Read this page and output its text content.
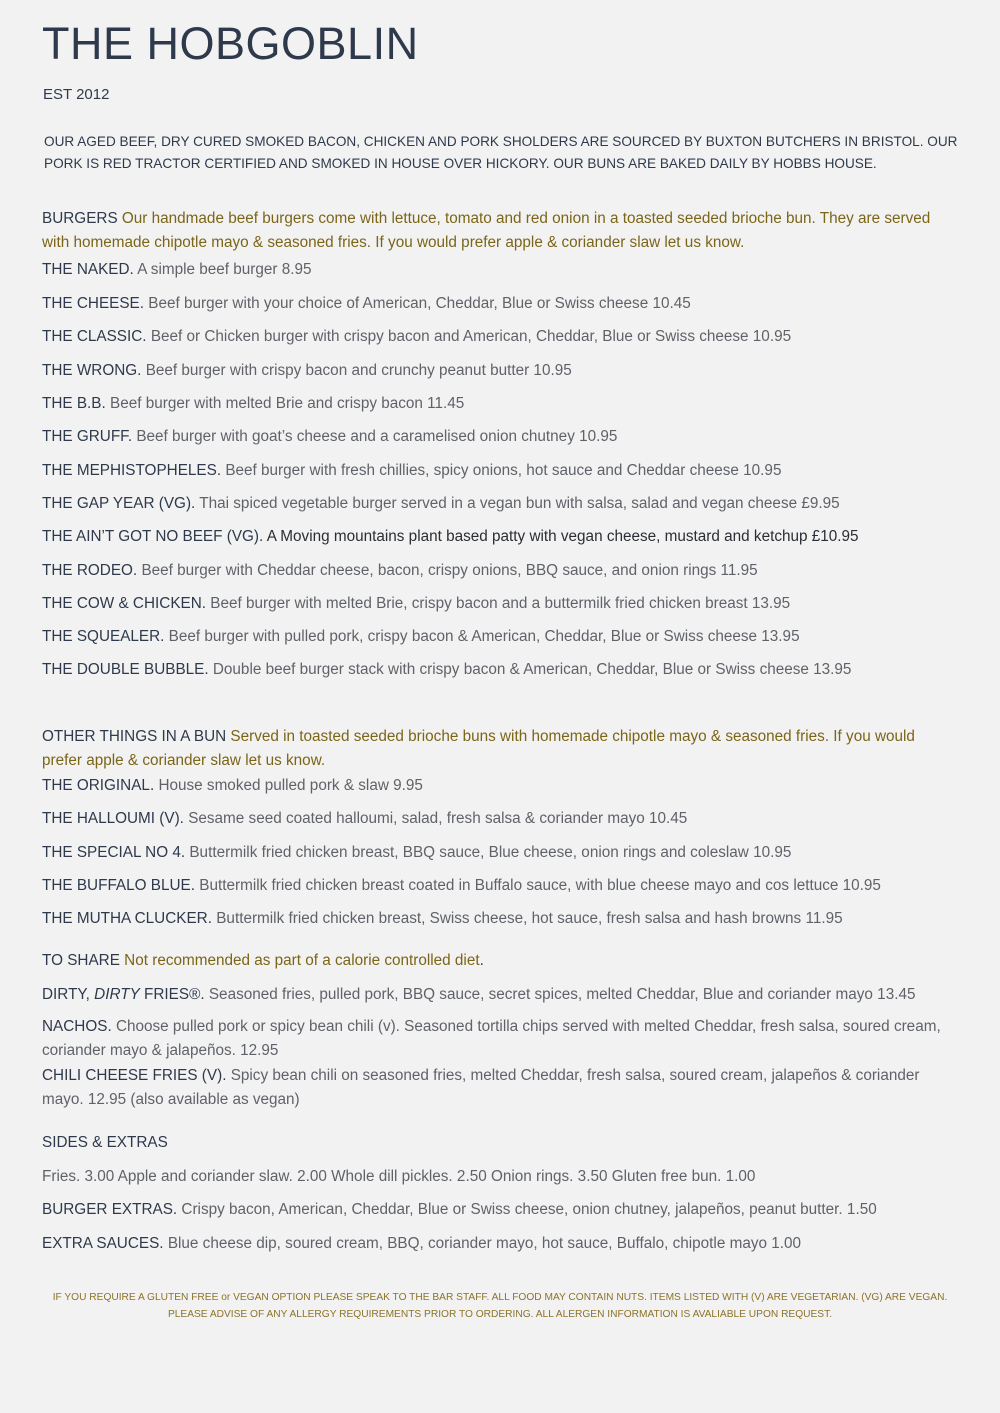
THE HOBGOBLIN
EST 2012
OUR AGED BEEF, DRY CURED SMOKED BACON, CHICKEN AND PORK SHOLDERS ARE SOURCED BY BUXTON BUTCHERS IN BRISTOL. OUR PORK IS RED TRACTOR CERTIFIED AND SMOKED IN HOUSE OVER HICKORY. OUR BUNS ARE BAKED DAILY BY HOBBS HOUSE.
BURGERS Our handmade beef burgers come with lettuce, tomato and red onion in a toasted seeded brioche bun. They are served with homemade chipotle mayo & seasoned fries. If you would prefer apple & coriander slaw let us know.
THE NAKED. A simple beef burger 8.95
THE CHEESE. Beef burger with your choice of American, Cheddar, Blue or Swiss cheese 10.45
THE CLASSIC. Beef or Chicken burger with crispy bacon and American, Cheddar, Blue or Swiss cheese 10.95
THE WRONG. Beef burger with crispy bacon and crunchy peanut butter 10.95
THE B.B. Beef burger with melted Brie and crispy bacon 11.45
THE GRUFF. Beef burger with goat’s cheese and a caramelised onion chutney 10.95
THE MEPHISTOPHELES. Beef burger with fresh chillies, spicy onions, hot sauce and Cheddar cheese 10.95
THE GAP YEAR (VG). Thai spiced vegetable burger served in a vegan bun with salsa, salad and vegan cheese £9.95
THE AIN’T GOT NO BEEF (VG). A Moving mountains plant based patty with vegan cheese, mustard and ketchup £10.95
THE RODEO. Beef burger with Cheddar cheese, bacon, crispy onions, BBQ sauce, and onion rings 11.95
THE COW & CHICKEN. Beef burger with melted Brie, crispy bacon and a buttermilk fried chicken breast 13.95
THE SQUEALER. Beef burger with pulled pork, crispy bacon & American, Cheddar, Blue or Swiss cheese 13.95
THE DOUBLE BUBBLE. Double beef burger stack with crispy bacon & American, Cheddar, Blue or Swiss cheese 13.95
OTHER THINGS IN A BUN Served in toasted seeded brioche buns with homemade chipotle mayo & seasoned fries. If you would prefer apple & coriander slaw let us know.
THE ORIGINAL. House smoked pulled pork & slaw 9.95
THE HALLOUMI (V). Sesame seed coated halloumi, salad, fresh salsa & coriander mayo 10.45
THE SPECIAL NO 4. Buttermilk fried chicken breast, BBQ sauce, Blue cheese, onion rings and coleslaw 10.95
THE BUFFALO BLUE. Buttermilk fried chicken breast coated in Buffalo sauce, with blue cheese mayo and cos lettuce 10.95
THE MUTHA CLUCKER. Buttermilk fried chicken breast, Swiss cheese, hot sauce, fresh salsa and hash browns 11.95
TO SHARE Not recommended as part of a calorie controlled diet.
DIRTY, DIRTY FRIES®. Seasoned fries, pulled pork, BBQ sauce, secret spices, melted Cheddar, Blue and coriander mayo 13.45
NACHOS. Choose pulled pork or spicy bean chili (v). Seasoned tortilla chips served with melted Cheddar, fresh salsa, soured cream, coriander mayo & jalapeños. 12.95
CHILI CHEESE FRIES (V). Spicy bean chili on seasoned fries, melted Cheddar, fresh salsa, soured cream, jalapeños & coriander mayo. 12.95 (also available as vegan)
SIDES & EXTRAS
Fries. 3.00 Apple and coriander slaw. 2.00 Whole dill pickles. 2.50 Onion rings. 3.50 Gluten free bun. 1.00
BURGER EXTRAS. Crispy bacon, American, Cheddar, Blue or Swiss cheese, onion chutney, jalapeños, peanut butter. 1.50
EXTRA SAUCES. Blue cheese dip, soured cream, BBQ, coriander mayo, hot sauce, Buffalo, chipotle mayo 1.00
IF YOU REQUIRE A GLUTEN FREE or VEGAN OPTION PLEASE SPEAK TO THE BAR STAFF. ALL FOOD MAY CONTAIN NUTS. ITEMS LISTED WITH (V) ARE VEGETARIAN. (VG) ARE VEGAN. PLEASE ADVISE OF ANY ALLERGY REQUIREMENTS PRIOR TO ORDERING. ALL ALERGEN INFORMATION IS AVALIABLE UPON REQUEST.
